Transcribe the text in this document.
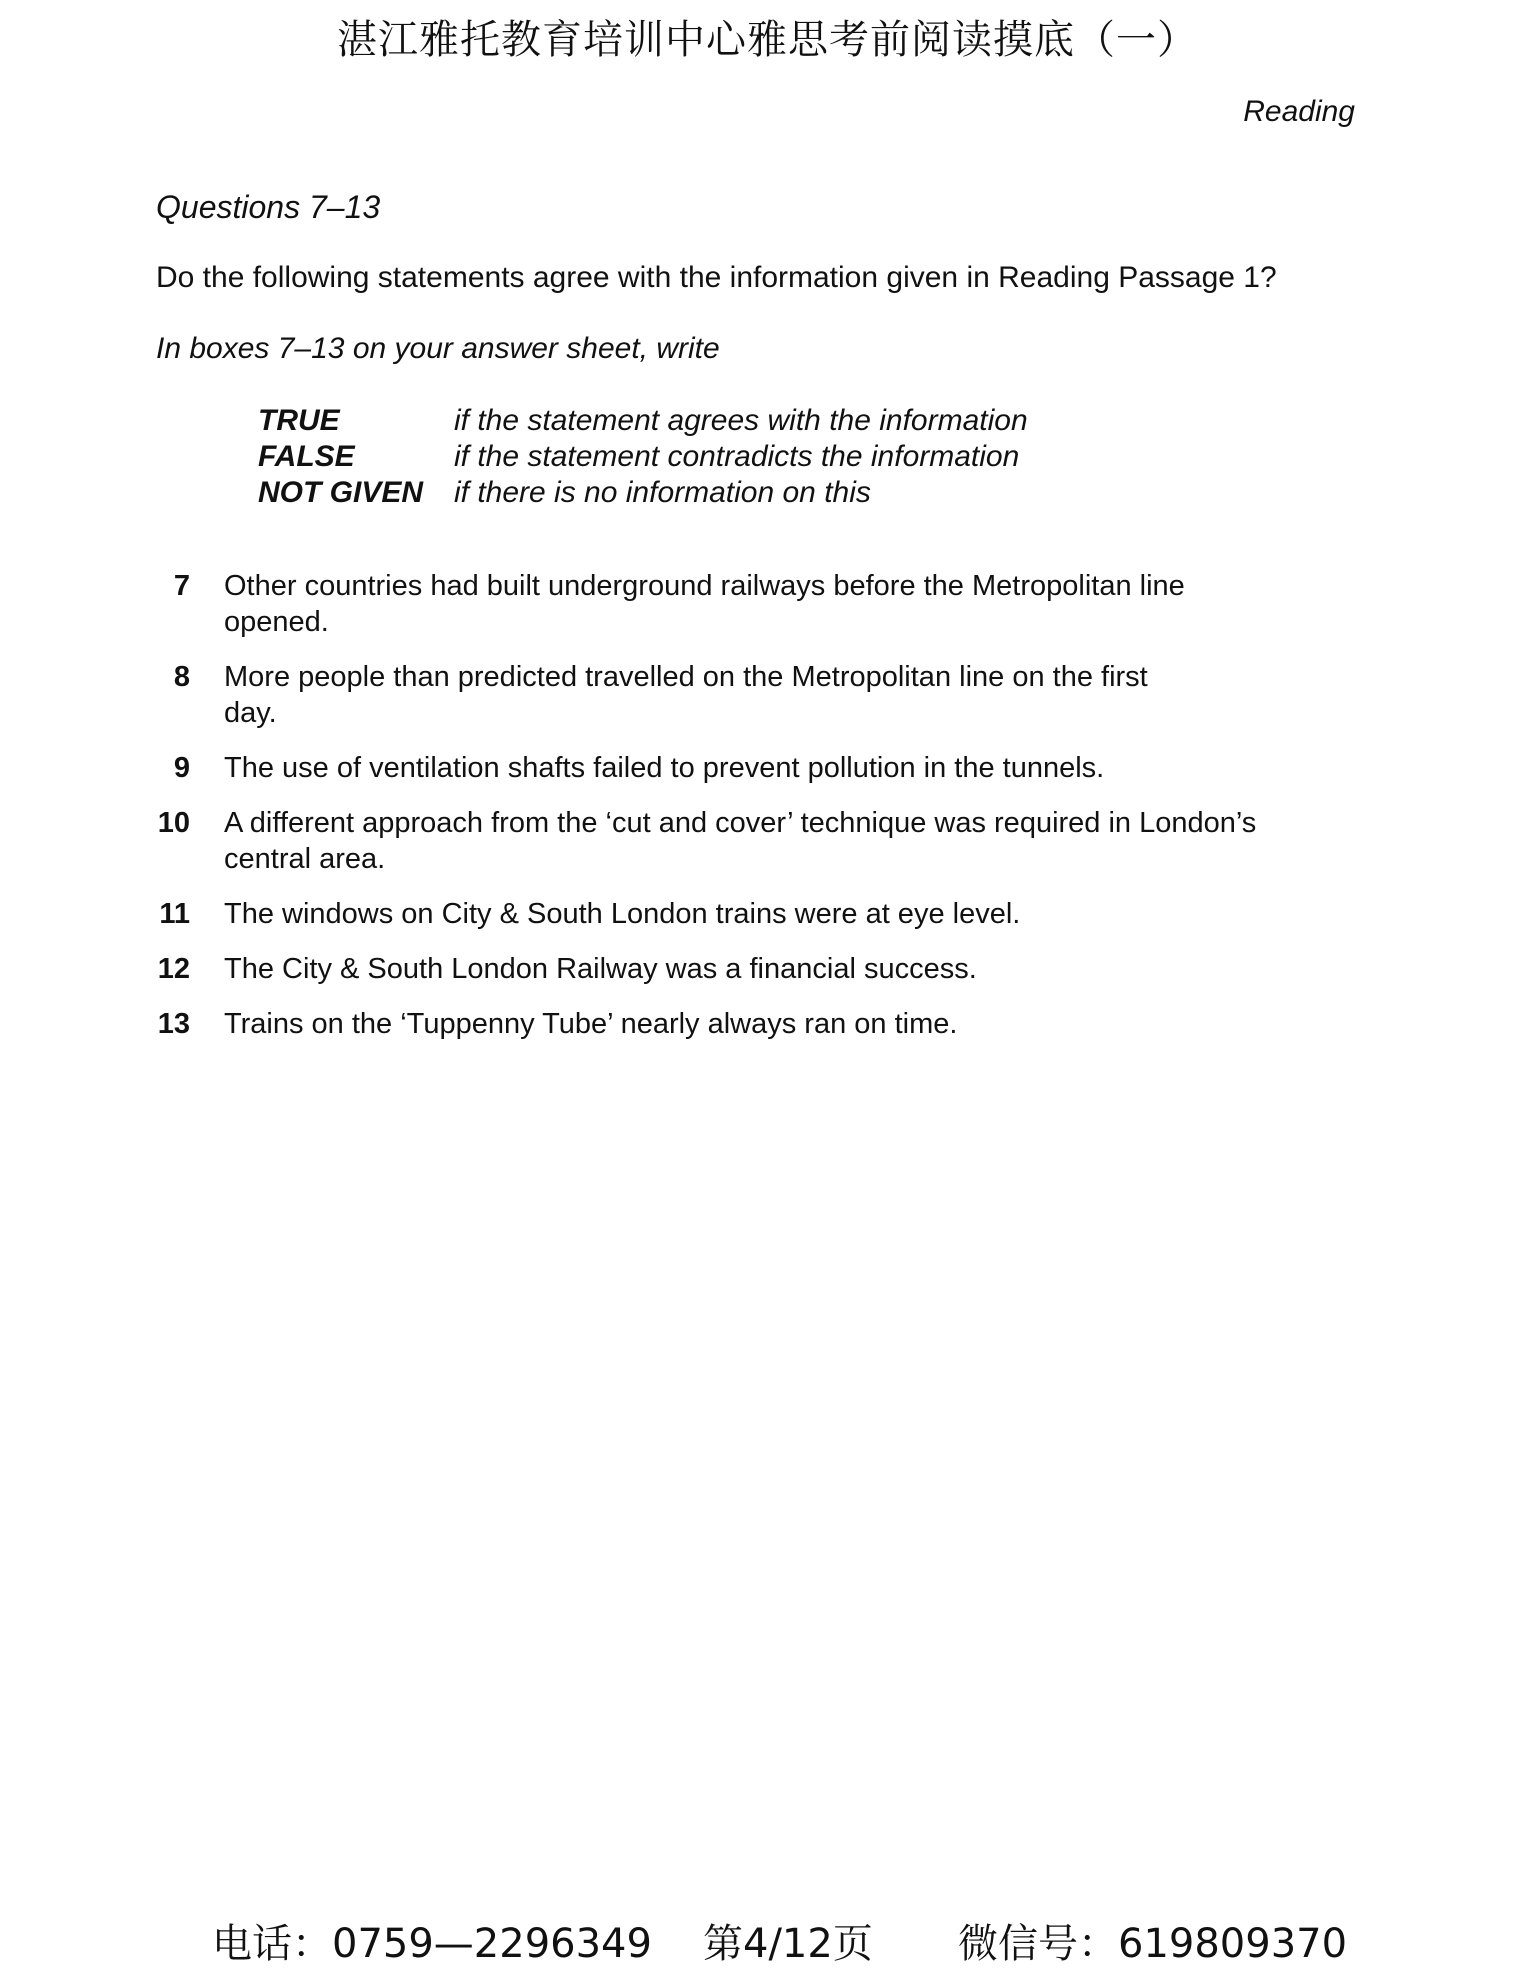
湛江雅托教育培训中心雅思考前阅读摸底（一）
Reading
Questions 7–13
Do the following statements agree with the information given in Reading Passage 1?
In boxes 7–13 on your answer sheet, write
TRUE	if the statement agrees with the information
FALSE	if the statement contradicts the information
NOT GIVEN	if there is no information on this
7 Other countries had built underground railways before the Metropolitan line
opened.
8 More people than predicted travelled on the Metropolitan line on the first
day.
9 The use of ventilation shafts failed to prevent pollution in the tunnels.
10 A different approach from the ‘cut and cover’ technique was required in London’s
central area.
11 The windows on City & South London trains were at eye level.
12 The City & South London Railway was a financial success.
13 Trains on the ‘Tuppenny Tube’ nearly always ran on time.
电话：0759—2296349 第4/12页 微信号：619809370
